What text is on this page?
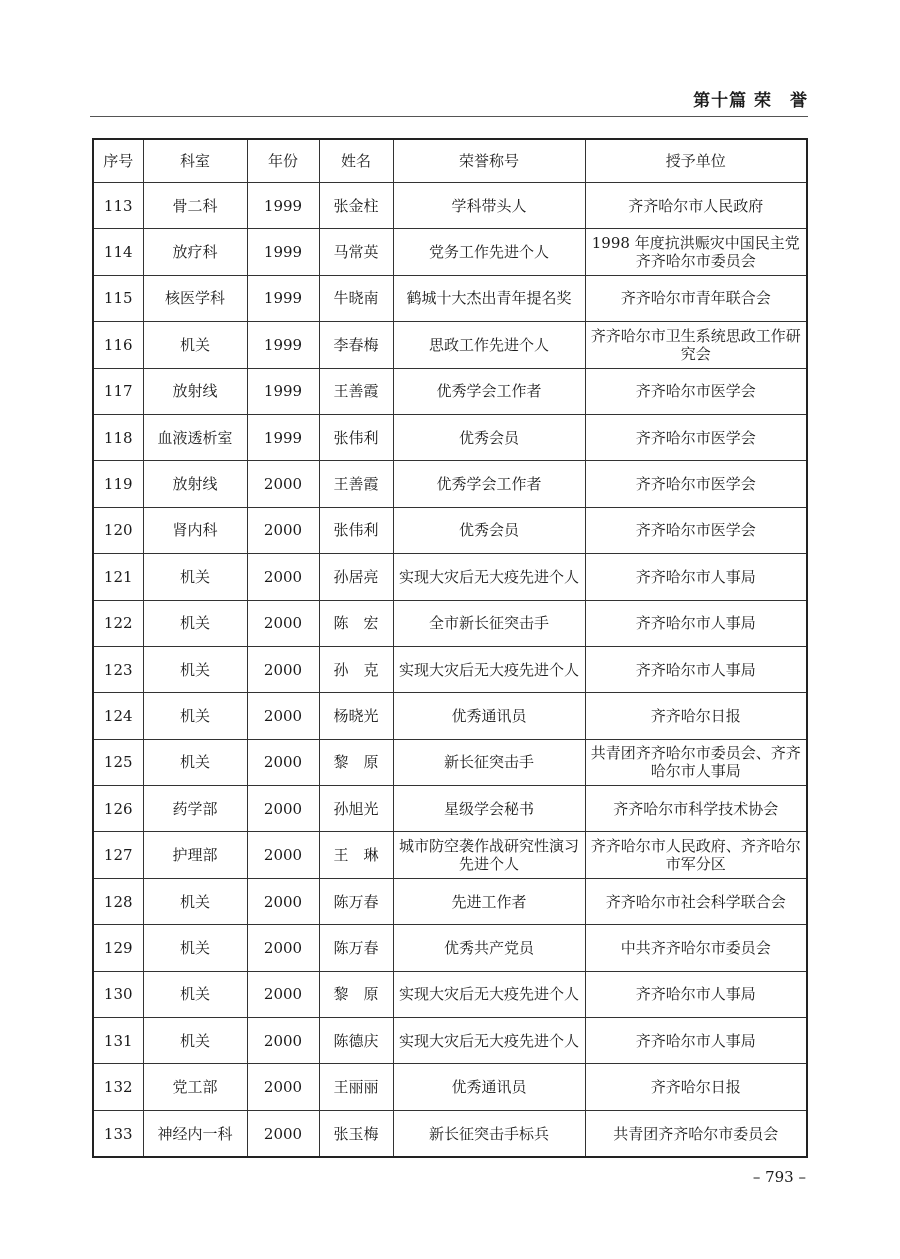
第十篇 荣　誉
序号	科室	年份	姓名	荣誉称号	授予单位
113	骨二科	1999	张金柱	学科带头人	齐齐哈尔市人民政府
114	放疗科	1999	马常英	党务工作先进个人	1998 年度抗洪赈灾中国民主党齐齐哈尔市委员会
115	核医学科	1999	牛晓南	鹤城十大杰出青年提名奖	齐齐哈尔市青年联合会
116	机关	1999	李春梅	思政工作先进个人	齐齐哈尔市卫生系统思政工作研究会
117	放射线	1999	王善霞	优秀学会工作者	齐齐哈尔市医学会
118	血液透析室	1999	张伟利	优秀会员	齐齐哈尔市医学会
119	放射线	2000	王善霞	优秀学会工作者	齐齐哈尔市医学会
120	肾内科	2000	张伟利	优秀会员	齐齐哈尔市医学会
121	机关	2000	孙居亮	实现大灾后无大疫先进个人	齐齐哈尔市人事局
122	机关	2000	陈　宏	全市新长征突击手	齐齐哈尔市人事局
123	机关	2000	孙　克	实现大灾后无大疫先进个人	齐齐哈尔市人事局
124	机关	2000	杨晓光	优秀通讯员	齐齐哈尔日报
125	机关	2000	黎　原	新长征突击手	共青团齐齐哈尔市委员会、齐齐哈尔市人事局
126	药学部	2000	孙旭光	星级学会秘书	齐齐哈尔市科学技术协会
127	护理部	2000	王　琳	城市防空袭作战研究性演习先进个人	齐齐哈尔市人民政府、齐齐哈尔市军分区
128	机关	2000	陈万春	先进工作者	齐齐哈尔市社会科学联合会
129	机关	2000	陈万春	优秀共产党员	中共齐齐哈尔市委员会
130	机关	2000	黎　原	实现大灾后无大疫先进个人	齐齐哈尔市人事局
131	机关	2000	陈德庆	实现大灾后无大疫先进个人	齐齐哈尔市人事局
132	党工部	2000	王丽丽	优秀通讯员	齐齐哈尔日报
133	神经内一科	2000	张玉梅	新长征突击手标兵	共青团齐齐哈尔市委员会
– 793 –
